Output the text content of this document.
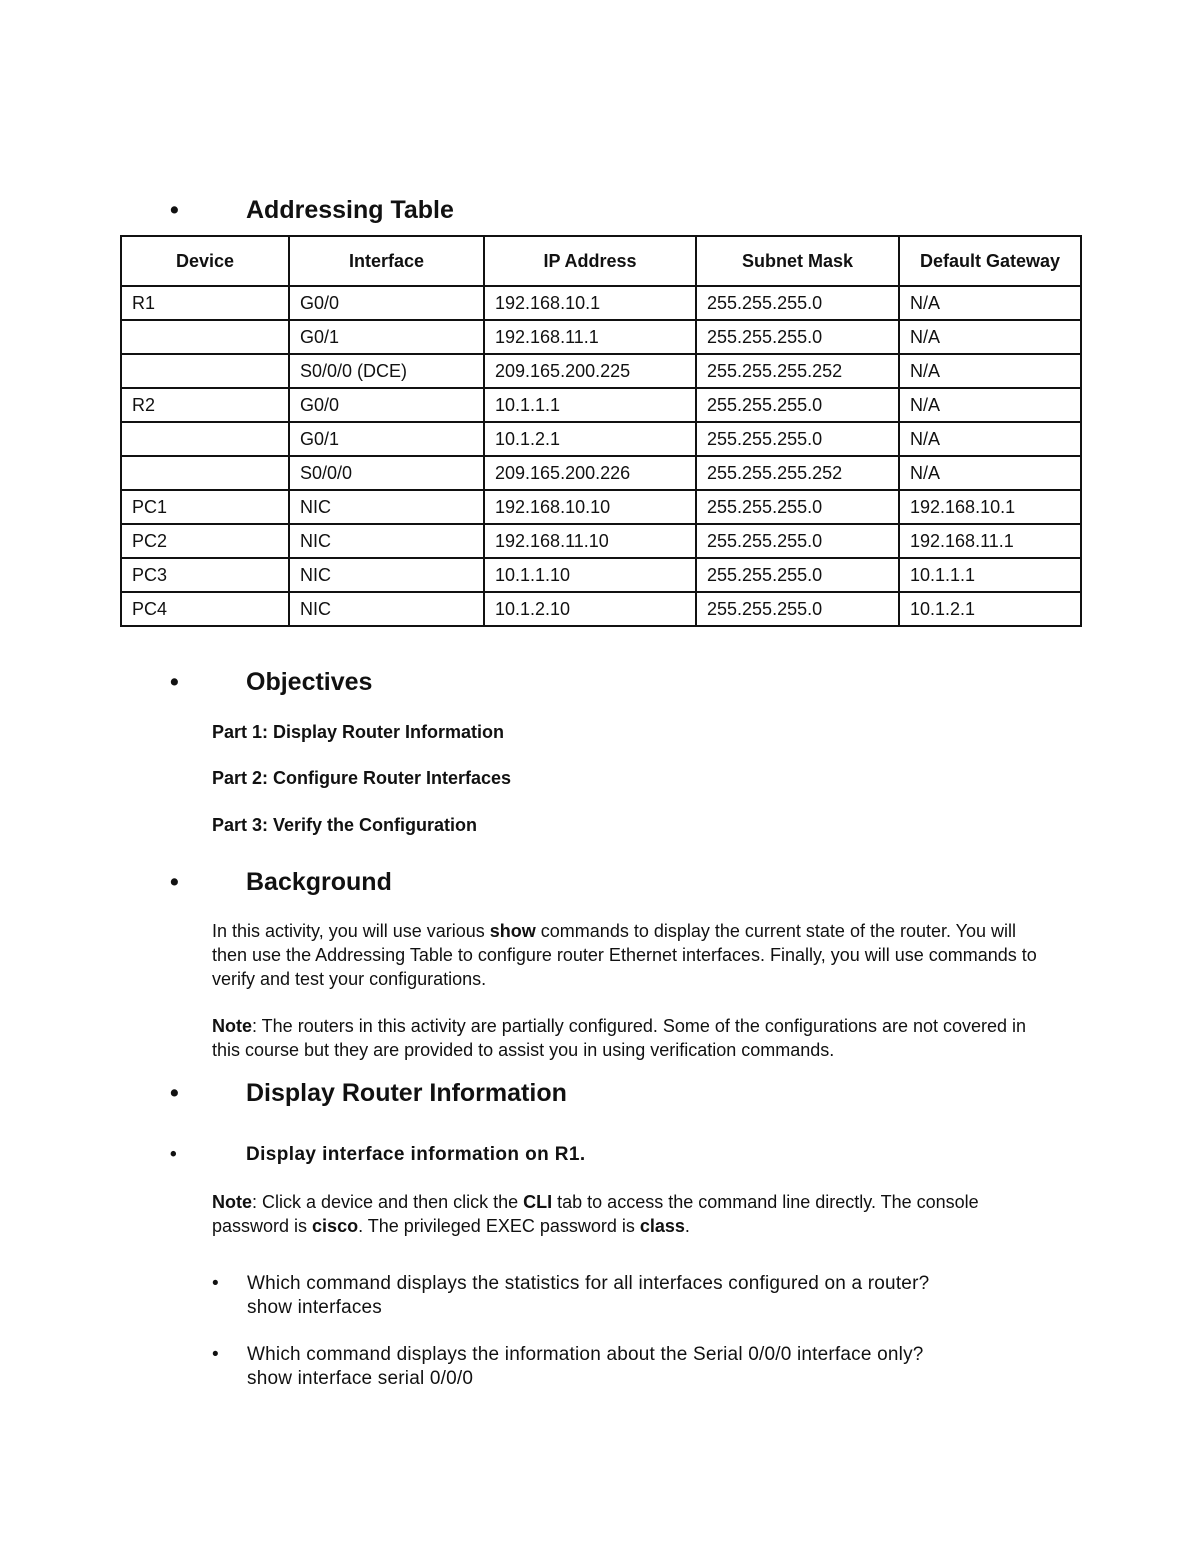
•	Addressing Table
Device	Interface	IP Address	Subnet Mask	Default Gateway
R1	G0/0	192.168.10.1	255.255.255.0	N/A
	G0/1	192.168.11.1	255.255.255.0	N/A
	S0/0/0 (DCE)	209.165.200.225	255.255.255.252	N/A
R2	G0/0	10.1.1.1	255.255.255.0	N/A
	G0/1	10.1.2.1	255.255.255.0	N/A
	S0/0/0	209.165.200.226	255.255.255.252	N/A
PC1	NIC	192.168.10.10	255.255.255.0	192.168.10.1
PC2	NIC	192.168.11.10	255.255.255.0	192.168.11.1
PC3	NIC	10.1.1.10	255.255.255.0	10.1.1.1
PC4	NIC	10.1.2.10	255.255.255.0	10.1.2.1
•	Objectives

Part 1: Display Router Information

Part 2: Configure Router Interfaces

Part 3: Verify the Configuration

•	Background

In this activity, you will use various show commands to display the current state of the router. You will then use the Addressing Table to configure router Ethernet interfaces. Finally, you will use commands to verify and test your configurations.

Note: The routers in this activity are partially configured. Some of the configurations are not covered in this course but they are provided to assist you in using verification commands.

•	Display Router Information
•	Display interface information on R1.

Note: Click a device and then click the CLI tab to access the command line directly. The console password is cisco. The privileged EXEC password is class.

• Which command displays the statistics for all interfaces configured on a router?
show interfaces
• Which command displays the information about the Serial 0/0/0 interface only?
show interface serial 0/0/0
